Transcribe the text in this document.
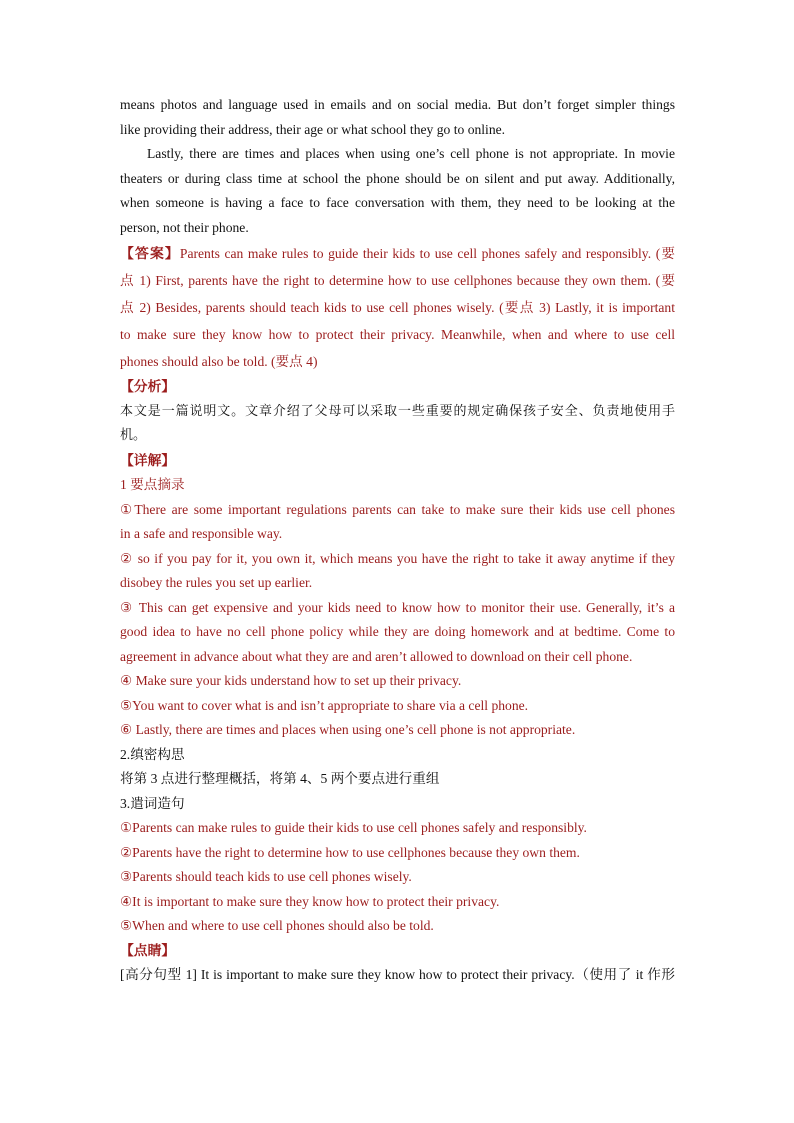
means photos and language used in emails and on social media. But don’t forget simpler things
like providing their address, their age or what school they go to online.
Lastly, there are times and places when using one’s cell phone is not appropriate. In movie
theaters or during class time at school the phone should be on silent and put away. Additionally,
when someone is having a face to face conversation with them, they need to be looking at the
person, not their phone.
【答案】Parents can make rules to guide their kids to use cell phones safely and responsibly. (要
点 1) First, parents have the right to determine how to use cellphones because they own them. (要
点 2) Besides, parents should teach kids to use cell phones wisely. (要点 3) Lastly, it is important
to make sure they know how to protect their privacy. Meanwhile, when and where to use cell
phones should also be told. (要点 4)
【分析】
本文是一篇说明文。文章介绍了父母可以采取一些重要的规定确保孩子安全、负责地使用手
机。
【详解】
1 要点摘录
①There are some important regulations parents can take to make sure their kids use cell phones
in a safe and responsible way.
② so if you pay for it, you own it, which means you have the right to take it away anytime if they
disobey the rules you set up earlier.
③ This can get expensive and your kids need to know how to monitor their use. Generally, it’s a
good idea to have no cell phone policy while they are doing homework and at bedtime. Come to
agreement in advance about what they are and aren’t allowed to download on their cell phone.
④ Make sure your kids understand how to set up their privacy.
⑤You want to cover what is and isn’t appropriate to share via a cell phone.
⑥ Lastly, there are times and places when using one’s cell phone is not appropriate.
2.缜密构思
将第 3 点进行整理概括，将第 4、5 两个要点进行重组
3.遣词造句
①Parents can make rules to guide their kids to use cell phones safely and responsibly.
②Parents have the right to determine how to use cellphones because they own them.
③Parents should teach kids to use cell phones wisely.
④It is important to make sure they know how to protect their privacy.
⑤When and where to use cell phones should also be told.
【点睛】
[高分句型 1] It is important to make sure they know how to protect their privacy.（使用了 it 作形
